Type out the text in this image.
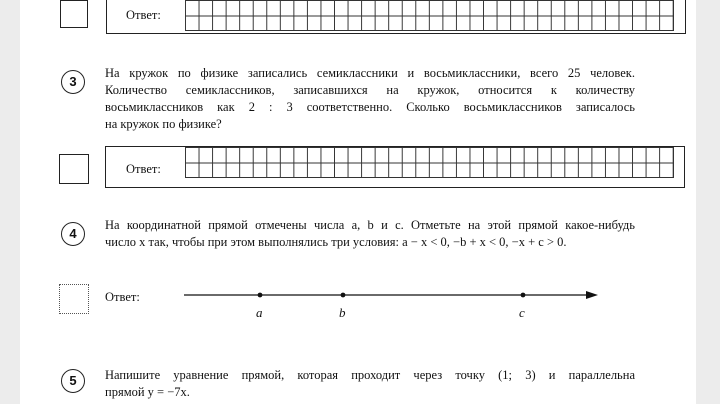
Ответ:
3
На кружок по физике записались семиклассники и восьмиклассники, всего 25 человек.
Количество семиклассников, записавшихся на кружок, относится к количеству
восьмиклассников как 2 : 3 соответственно. Сколько восьмиклассников записалось
на кружок по физике?
Ответ:
4
На координатной прямой отмечены числа a, b и c. Отметьте на этой прямой какое-нибудь
число x так, чтобы при этом выполнялись три условия: a − x < 0, −b + x < 0, −x + c > 0.
Ответ:
a	b	c
5	Напишите уравнение прямой, которая проходит через точку (1; 3) и параллельна
прямой y = −7x.
